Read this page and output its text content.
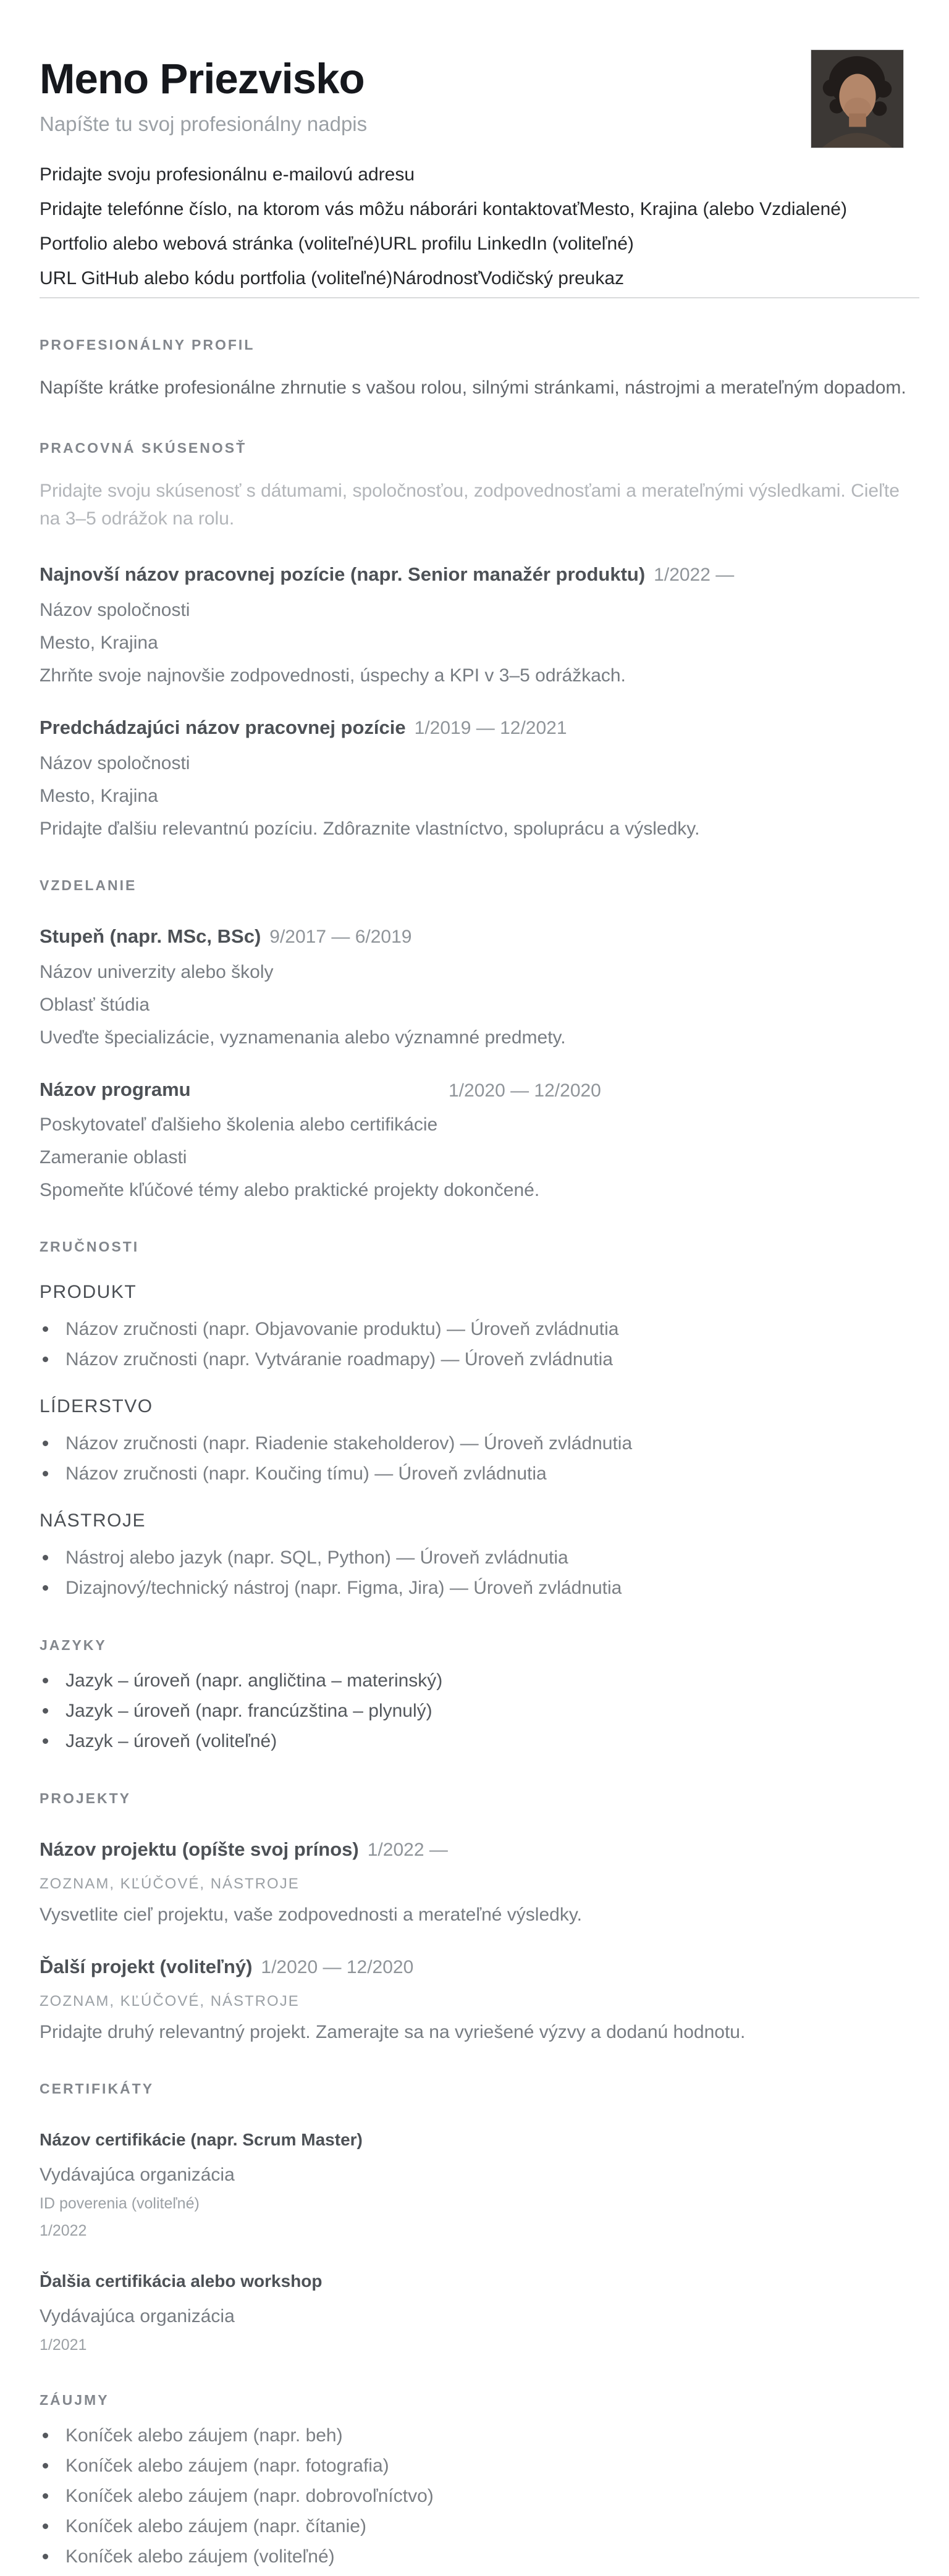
Meno Priezvisko
Napíšte tu svoj profesionálny nadpis
Pridajte svoju profesionálnu e-mailovú adresu
Pridajte telefónne číslo, na ktorom vás môžu náborári kontaktovaťMesto, Krajina (alebo Vzdialené)
Portfolio alebo webová stránka (voliteľné)URL profilu LinkedIn (voliteľné)
URL GitHub alebo kódu portfolia (voliteľné)NárodnosťVodičský preukaz
PROFESIONÁLNY PROFIL

Napíšte krátke profesionálne zhrnutie s vašou rolou, silnými stránkami, nástrojmi a merateľným dopadom.

PRACOVNÁ SKÚSENOSŤ

Pridajte svoju skúsenosť s dátumami, spoločnosťou, zodpovednosťami a merateľnými výsledkami. Cieľte na 3–5 odrážok na rolu.

Najnovší názov pracovnej pozície (napr. Senior manažér produktu) 1/2022 —
Názov spoločnosti
Mesto, Krajina
Zhrňte svoje najnovšie zodpovednosti, úspechy a KPI v 3–5 odrážkach.
Predchádzajúci názov pracovnej pozície 1/2019 — 12/2021
Názov spoločnosti
Mesto, Krajina
Pridajte ďalšiu relevantnú pozíciu. Zdôraznite vlastníctvo, spoluprácu a výsledky.
VZDELANIE
Stupeň (napr. MSc, BSc) 9/2017 — 6/2019
Názov univerzity alebo školy
Oblasť štúdia
Uveďte špecializácie, vyznamenania alebo významné predmety.
Názov programu	1/2020 — 12/2020
Poskytovateľ ďalšieho školenia alebo certifikácie
Zameranie oblasti
Spomeňte kľúčové témy alebo praktické projekty dokončené.
ZRUČNOSTI
PRODUKT
Názov zručnosti (napr. Objavovanie produktu) — Úroveň zvládnutia
Názov zručnosti (napr. Vytváranie roadmapy) — Úroveň zvládnutia
LÍDERSTVO
Názov zručnosti (napr. Riadenie stakeholderov) — Úroveň zvládnutia
Názov zručnosti (napr. Koučing tímu) — Úroveň zvládnutia
NÁSTROJE
Nástroj alebo jazyk (napr. SQL, Python) — Úroveň zvládnutia
Dizajnový/technický nástroj (napr. Figma, Jira) — Úroveň zvládnutia
JAZYKY
Jazyk – úroveň (napr. angličtina – materinský)
Jazyk – úroveň (napr. francúzština – plynulý)
Jazyk – úroveň (voliteľné)
PROJEKTY
Názov projektu (opíšte svoj prínos) 1/2022 —
ZOZNAM, KĽÚČOVÉ, NÁSTROJE
Vysvetlite cieľ projektu, vaše zodpovednosti a merateľné výsledky.
Ďalší projekt (voliteľný) 1/2020 — 12/2020
ZOZNAM, KĽÚČOVÉ, NÁSTROJE
Pridajte druhý relevantný projekt. Zamerajte sa na vyriešené výzvy a dodanú hodnotu.
CERTIFIKÁTY
Názov certifikácie (napr. Scrum Master)
Vydávajúca organizácia
ID poverenia (voliteľné)
1/2022
Ďalšia certifikácia alebo workshop
Vydávajúca organizácia
1/2021
ZÁUJMY
Koníček alebo záujem (napr. beh)
Koníček alebo záujem (napr. fotografia)
Koníček alebo záujem (napr. dobrovoľníctvo)
Koníček alebo záujem (napr. čítanie)
Koníček alebo záujem (voliteľné)
